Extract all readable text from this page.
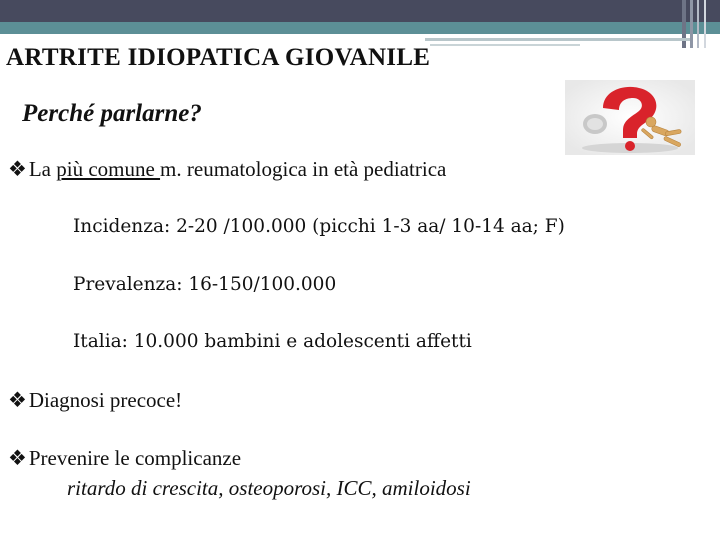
ARTRITE IDIOPATICA GIOVANILE
Perché parlarne?
❖La più comune m. reumatologica in età pediatrica
Incidenza: 2-20 /100.000 (picchi 1-3 aa/ 10-14 aa; F)
Prevalenza: 16-150/100.000
Italia: 10.000 bambini e adolescenti affetti
❖Diagnosi precoce!
❖Prevenire le complicanze
ritardo di crescita, osteoporosi, ICC, amiloidosi
